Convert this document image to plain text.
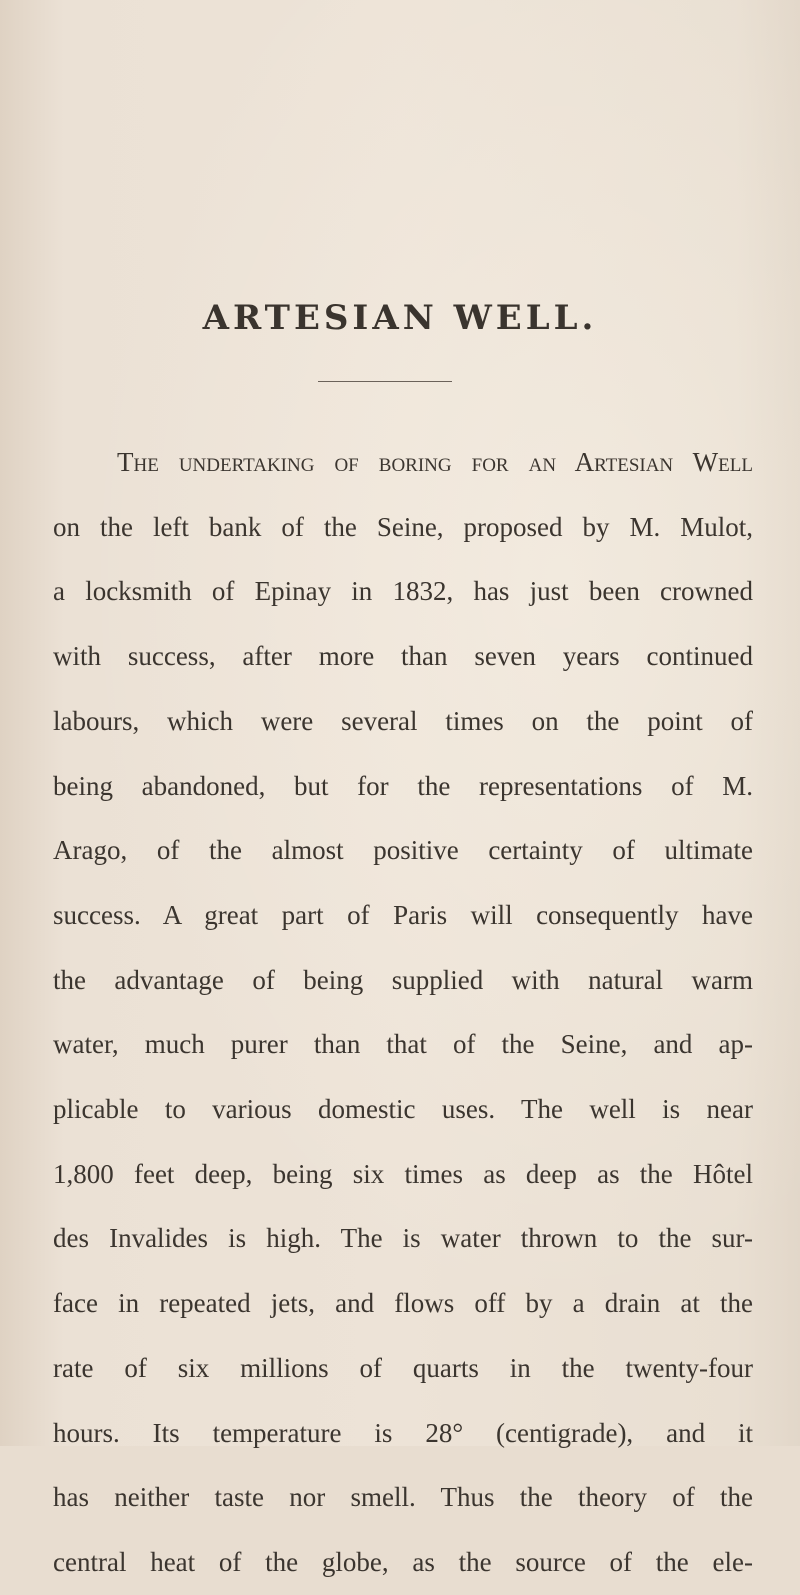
ARTESIAN WELL.
The undertaking of boring for an Artesian Well
on the left bank of the Seine, proposed by M. Mulot,
a locksmith of Epinay in 1832, has just been crowned
with success, after more than seven years continued
labours, which were several times on the point of
being abandoned, but for the representations of M.
Arago, of the almost positive certainty of ultimate
success. A great part of Paris will consequently have
the advantage of being supplied with natural warm
water, much purer than that of the Seine, and ap-
plicable to various domestic uses. The well is near
1,800 feet deep, being six times as deep as the Hôtel
des Invalides is high. The is water thrown to the sur-
face in repeated jets, and flows off by a drain at the
rate of six millions of quarts in the twenty-four
hours. Its temperature is 28° (centigrade), and it
has neither taste nor smell. Thus the theory of the
central heat of the globe, as the source of the ele-
